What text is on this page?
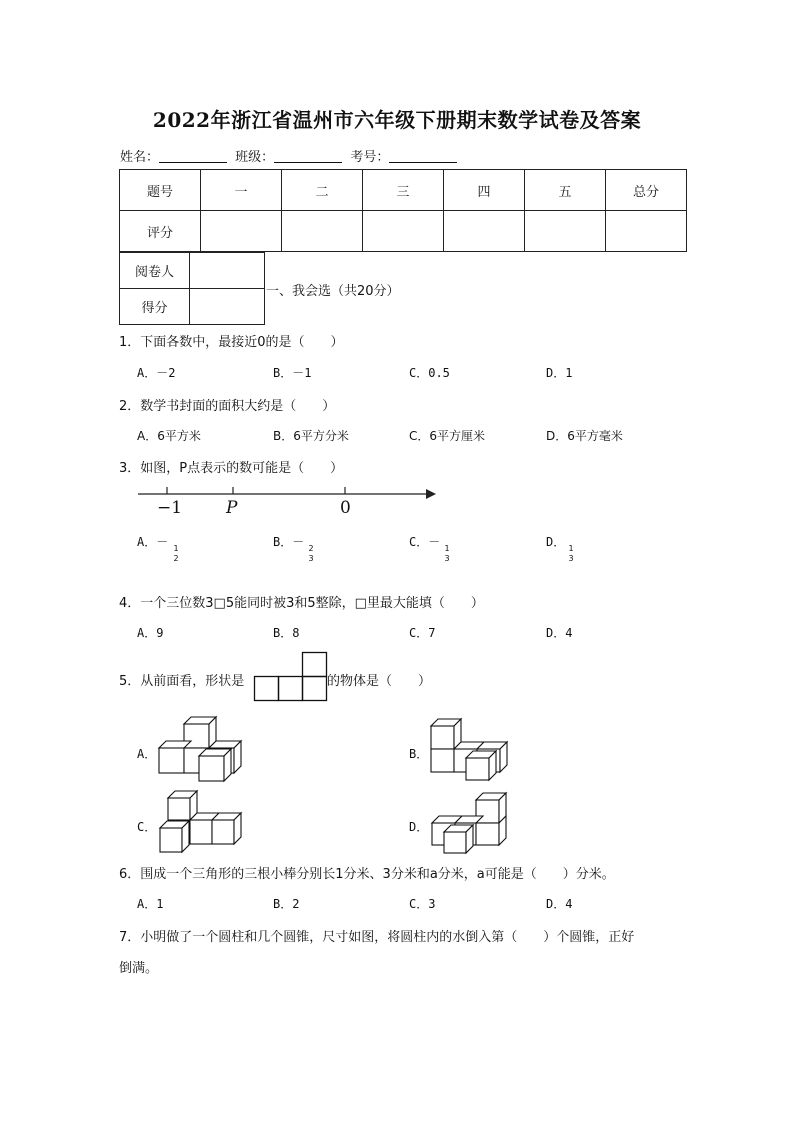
2022年浙江省温州市六年级下册期末数学试卷及答案
姓名：	班级：	考号：
题号	一	二	三	四	五	总分
评分						
阅卷人	
得分	
一、我会选（共20分）
1．下面各数中，最接近0的是（　　）
A．－2	B．－1	C．0.5	D．1
2．数学书封面的面积大约是（　　）
A．6平方米	B．6平方分米	C．6平方厘米	D．6平方毫米
3．如图，P点表示的数可能是（　　）
−1	P	0
A．－ 1
2
B．－ 2
3
C．－ 1
3
D． 1
3
4．一个三位数3□5能同时被3和5整除，□里最大能填（　　）
A．9	B．8	C．7	D．4
5．从前面看，形状是	的物体是（　　）
A．	B．
C．	D．
6．围成一个三角形的三根小棒分别长1分米、3分米和a分米，a可能是（　　）分米。
A．1	B．2	C．3	D．4
7．小明做了一个圆柱和几个圆锥，尺寸如图，将圆柱内的水倒入第（　　）个圆锥，正好
倒满。
